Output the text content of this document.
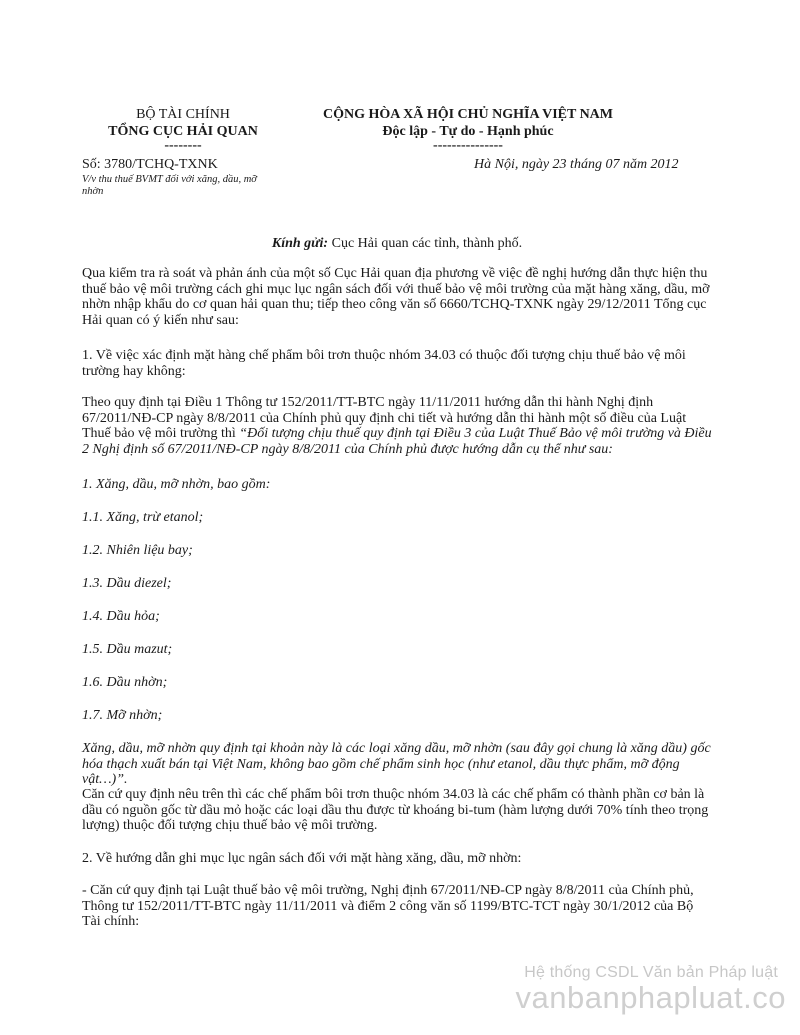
BỘ TÀI CHÍNH
TỔNG CỤC HẢI QUAN
--------
CỘNG HÒA XÃ HỘI CHỦ NGHĨA VIỆT NAM
Độc lập - Tự do - Hạnh phúc
---------------
Số: 3780/TCHQ-TXNK
V/v thu thuế BVMT đối với xăng, dầu, mỡ
nhờn
Hà Nội, ngày 23 tháng 07 năm 2012
Kính gửi: Cục Hải quan các tỉnh, thành phố.

Qua kiểm tra rà soát và phản ánh của một số Cục Hải quan địa phương về việc đề nghị hướng dẫn thực hiện thu thuế bảo vệ môi trường cách ghi mục lục ngân sách đối với thuế bảo vệ môi trường của mặt hàng xăng, dầu, mỡ nhờn nhập khẩu do cơ quan hải quan thu; tiếp theo công văn số 6660/TCHQ-TXNK ngày 29/12/2011 Tổng cục Hải quan có ý kiến như sau:

1. Về việc xác định mặt hàng chế phẩm bôi trơn thuộc nhóm 34.03 có thuộc đối tượng chịu thuế bảo vệ môi trường hay không:

Theo quy định tại Điều 1 Thông tư 152/2011/TT-BTC ngày 11/11/2011 hướng dẫn thi hành Nghị định 67/2011/NĐ-CP ngày 8/8/2011 của Chính phủ quy định chi tiết và hướng dẫn thi hành một số điều của Luật Thuế bảo vệ môi trường thì “Đối tượng chịu thuế quy định tại Điều 3 của Luật Thuế Bảo vệ môi trường và Điều 2 Nghị định số 67/2011/NĐ-CP ngày 8/8/2011 của Chính phủ được hướng dẫn cụ thể như sau:

1. Xăng, dầu, mỡ nhờn, bao gồm:

1.1. Xăng, trừ etanol;

1.2. Nhiên liệu bay;

1.3. Dầu diezel;

1.4. Dầu hỏa;

1.5. Dầu mazut;

1.6. Dầu nhờn;

1.7. Mỡ nhờn;

Xăng, dầu, mỡ nhờn quy định tại khoản này là các loại xăng dầu, mỡ nhờn (sau đây gọi chung là xăng dầu) gốc hóa thạch xuất bán tại Việt Nam, không bao gồm chế phẩm sinh học (như etanol, dầu thực phẩm, mỡ động vật…)”.

Căn cứ quy định nêu trên thì các chế phẩm bôi trơn thuộc nhóm 34.03 là các chế phẩm có thành phần cơ bản là dầu có nguồn gốc từ dầu mỏ hoặc các loại dầu thu được từ khoáng bi-tum (hàm lượng dưới 70% tính theo trọng lượng) thuộc đối tượng chịu thuế bảo vệ môi trường.

2. Về hướng dẫn ghi mục lục ngân sách đối với mặt hàng xăng, dầu, mỡ nhờn:

- Căn cứ quy định tại Luật thuế bảo vệ môi trường, Nghị định 67/2011/NĐ-CP ngày 8/8/2011 của Chính phủ, Thông tư 152/2011/TT-BTC ngày 11/11/2011 và điểm 2 công văn số 1199/BTC-TCT ngày 30/1/2012 của Bộ Tài chính:

Hệ thống CSDL Văn bản Pháp luật
vanbanphapluat.co
